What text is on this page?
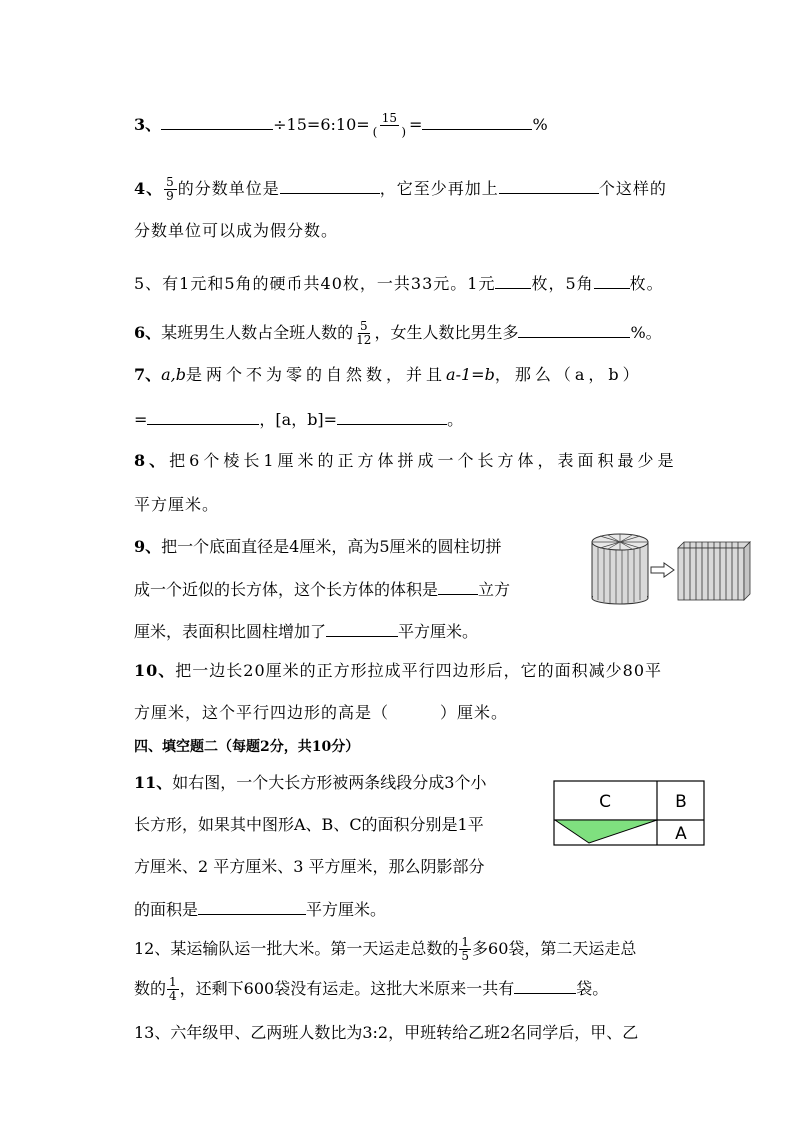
3、	÷15=6:10= $\frac{15}{( )}$ =	%
4、 $\frac{5}{9}$ 的分数单位是	，它至少再加上	个这样的
分数单位可以成为假分数。
5、有1元和5角的硬币共40枚，一共33元。1元 枚，5角 枚。
6、某班男生人数占全班人数的 $\frac{5}{12}$ ，女生人数比男生多	%。
7、a,b是两个不为零的自然数，并且a-1=b，那么（a，b）
=	，[a，b]=	。
8、把6个棱长1厘米的正方体拼成一个长方体，表面积最少是
平方厘米。
9、把一个底面直径是4厘米，高为5厘米的圆柱切拼
成一个近似的长方体，这个长方体的体积是	立方
厘米，表面积比圆柱增加了	平方厘米。
10、把一边长20厘米的正方形拉成平行四边形后，它的面积减少80平
方厘米，这个平行四边形的高是（　　　）厘米。
四、填空题二（每题2分，共10分）
11、如右图，一个大长方形被两条线段分成3个小
长方形，如果其中图形A、B、C的面积分别是1平
方厘米、2 平方厘米、3 平方厘米，那么阴影部分
的面积是	平方厘米。
C	B
A
12、某运输队运一批大米。第一天运走总数的 $\frac{1}{5}$ 多60袋，第二天运走总
数的 $\frac{1}{4}$ ，还剩下600袋没有运走。这批大米原来一共有	袋。
13、六年级甲、乙两班人数比为3:2，甲班转给乙班2名同学后，甲、乙
